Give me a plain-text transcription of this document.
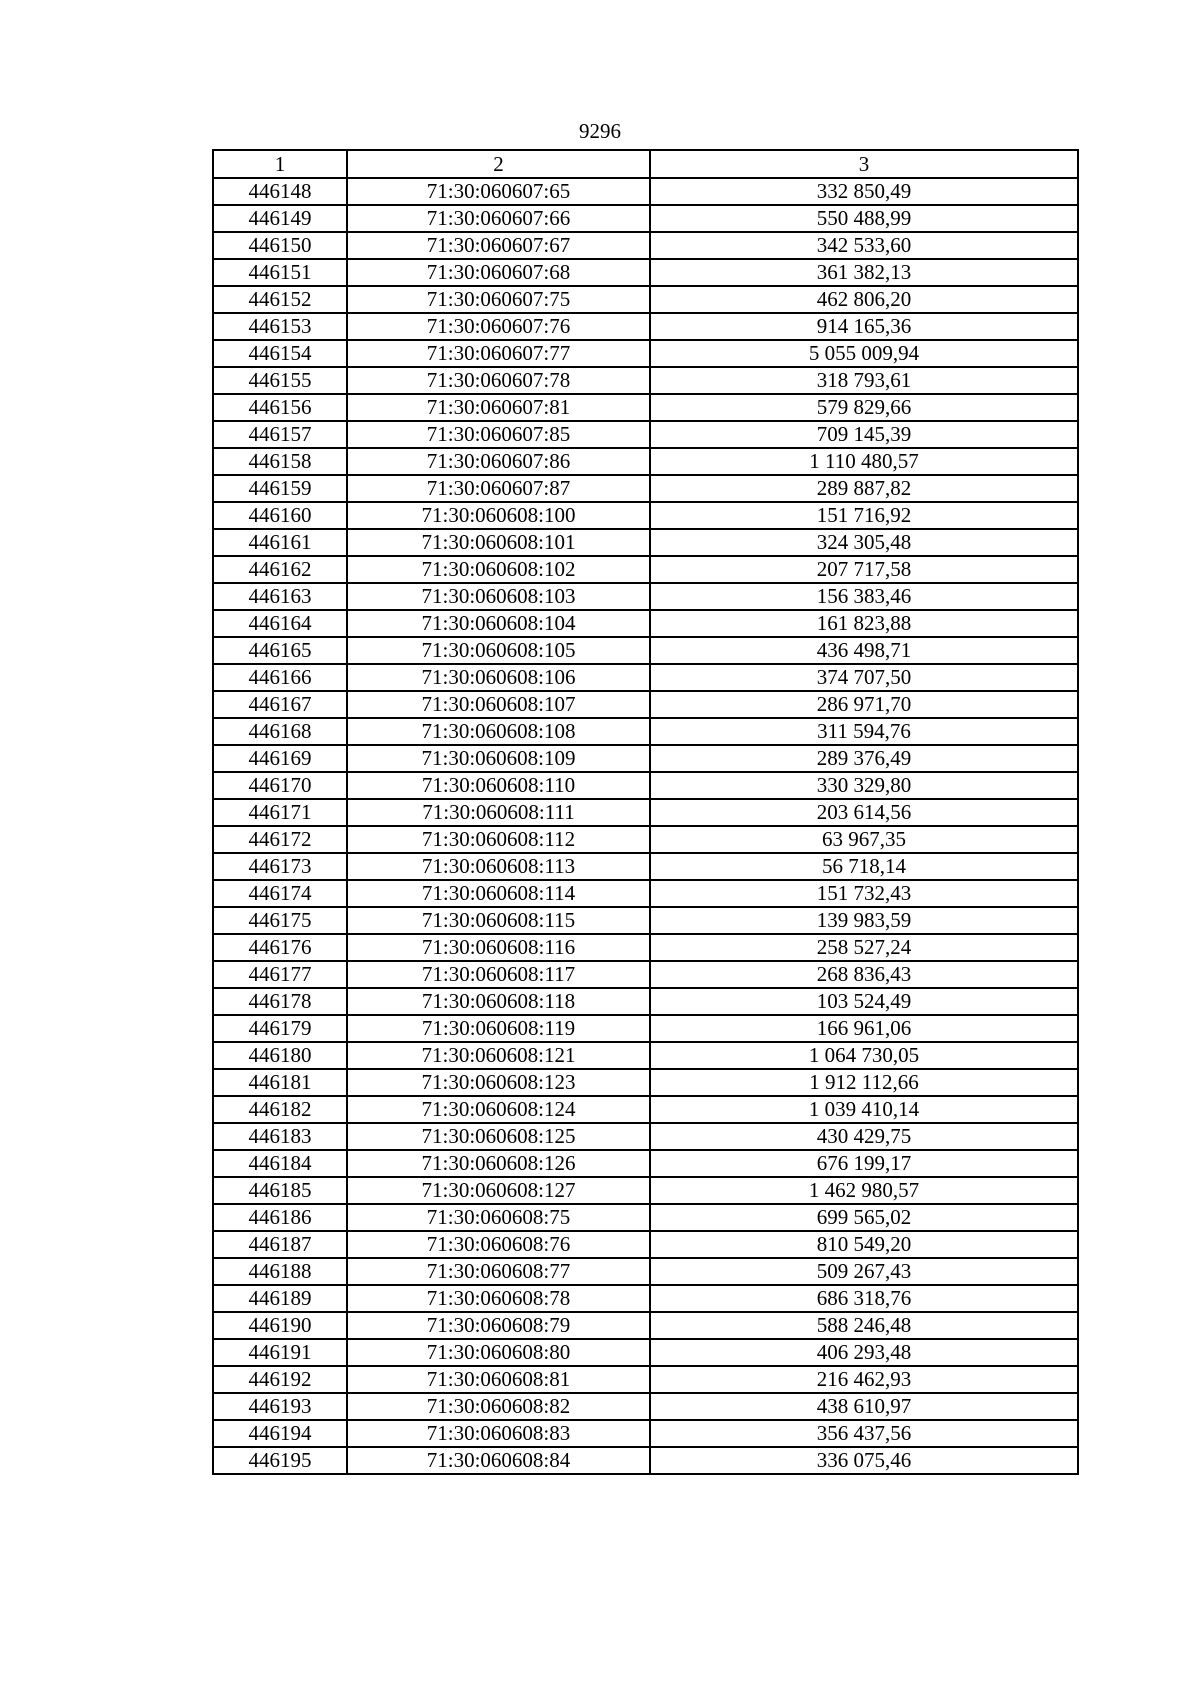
9296
1	2	3
446148	71:30:060607:65	332 850,49
446149	71:30:060607:66	550 488,99
446150	71:30:060607:67	342 533,60
446151	71:30:060607:68	361 382,13
446152	71:30:060607:75	462 806,20
446153	71:30:060607:76	914 165,36
446154	71:30:060607:77	5 055 009,94
446155	71:30:060607:78	318 793,61
446156	71:30:060607:81	579 829,66
446157	71:30:060607:85	709 145,39
446158	71:30:060607:86	1 110 480,57
446159	71:30:060607:87	289 887,82
446160	71:30:060608:100	151 716,92
446161	71:30:060608:101	324 305,48
446162	71:30:060608:102	207 717,58
446163	71:30:060608:103	156 383,46
446164	71:30:060608:104	161 823,88
446165	71:30:060608:105	436 498,71
446166	71:30:060608:106	374 707,50
446167	71:30:060608:107	286 971,70
446168	71:30:060608:108	311 594,76
446169	71:30:060608:109	289 376,49
446170	71:30:060608:110	330 329,80
446171	71:30:060608:111	203 614,56
446172	71:30:060608:112	63 967,35
446173	71:30:060608:113	56 718,14
446174	71:30:060608:114	151 732,43
446175	71:30:060608:115	139 983,59
446176	71:30:060608:116	258 527,24
446177	71:30:060608:117	268 836,43
446178	71:30:060608:118	103 524,49
446179	71:30:060608:119	166 961,06
446180	71:30:060608:121	1 064 730,05
446181	71:30:060608:123	1 912 112,66
446182	71:30:060608:124	1 039 410,14
446183	71:30:060608:125	430 429,75
446184	71:30:060608:126	676 199,17
446185	71:30:060608:127	1 462 980,57
446186	71:30:060608:75	699 565,02
446187	71:30:060608:76	810 549,20
446188	71:30:060608:77	509 267,43
446189	71:30:060608:78	686 318,76
446190	71:30:060608:79	588 246,48
446191	71:30:060608:80	406 293,48
446192	71:30:060608:81	216 462,93
446193	71:30:060608:82	438 610,97
446194	71:30:060608:83	356 437,56
446195	71:30:060608:84	336 075,46
